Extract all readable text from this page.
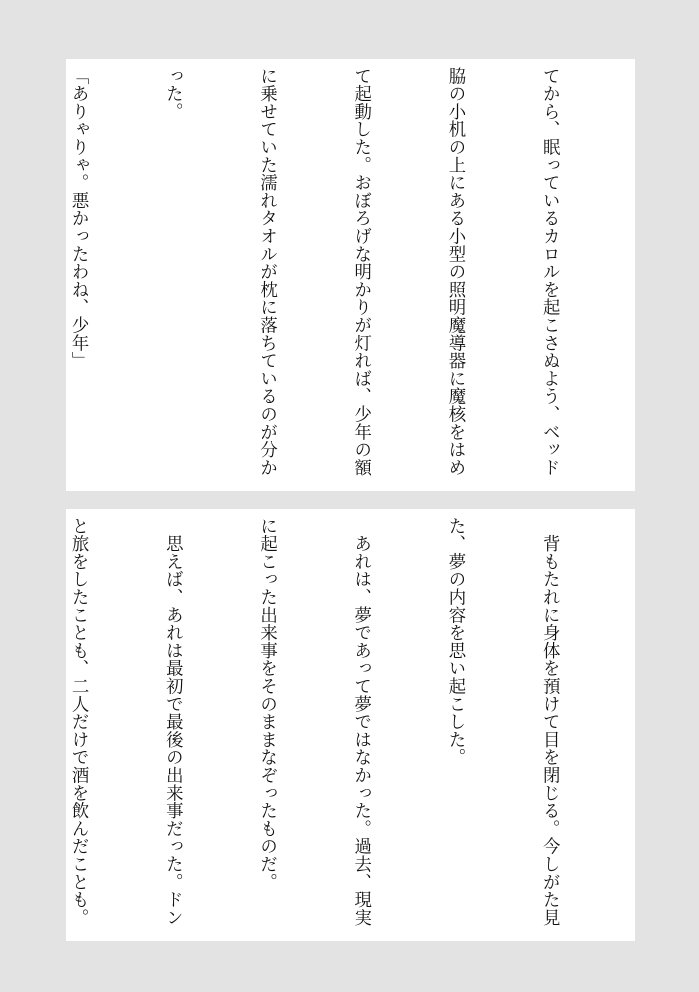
てから、眠っているカロルを起こさぬよう、ベッド

脇の小机の上にある小型の照明魔導器に魔核をはめ

て起動した。おぼろげな明かりが灯れば、少年の額

に乗せていた濡れタオルが枕に落ちているのが分か

った。

「ありゃりゃ。悪かったわね、少年」

　背もたれに身体を預けて目を閉じる。今しがた見

た、夢の内容を思い起こした。

　あれは、夢であって夢ではなかった。過去、現実

に起こった出来事をそのままなぞったものだ。

　思えば、あれは最初で最後の出来事だった。ドン

と旅をしたことも、二人だけで酒を飲んだことも。
